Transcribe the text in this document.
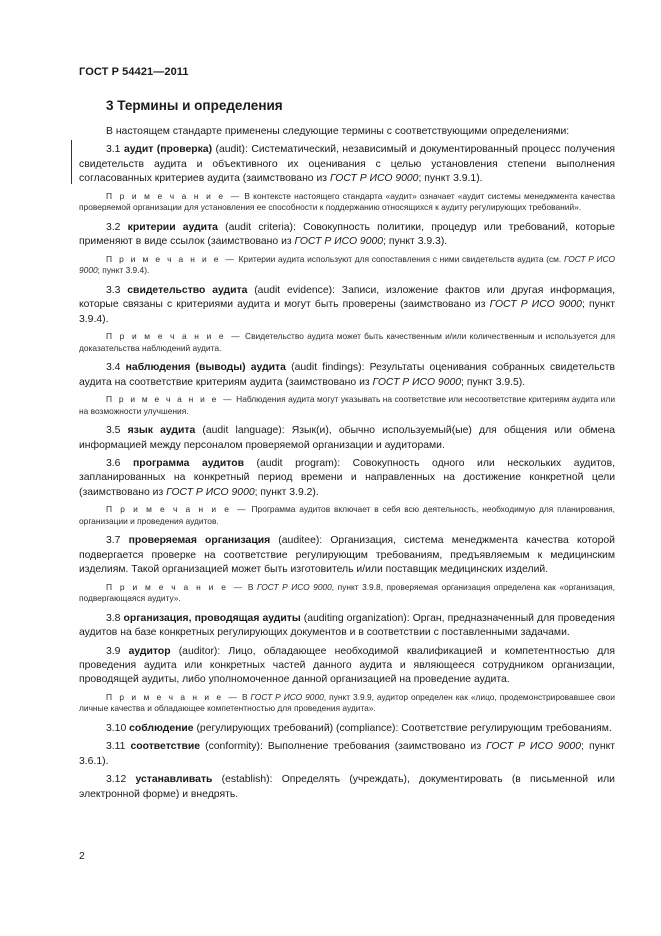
ГОСТ Р 54421—2011
3 Термины и определения

В настоящем стандарте применены следующие термины с соответствующими определениями:

3.1 аудит (проверка) (audit): Систематический, независимый и документированный процесс получения свидетельств аудита и объективного их оценивания с целью установления степени выполнения согласованных критериев аудита (заимствовано из ГОСТ Р ИСО 9000; пункт 3.9.1).

П р и м е ч а н и е — В контексте настоящего стандарта «аудит» означает «аудит системы менеджмента качества проверяемой организации для установления ее способности к поддержанию относящихся к аудиту регулирующих требований».

3.2 критерии аудита (audit criteria): Совокупность политики, процедур или требований, которые применяют в виде ссылок (заимствовано из ГОСТ Р ИСО 9000; пункт 3.9.3).

П р и м е ч а н и е — Критерии аудита используют для сопоставления с ними свидетельств аудита (см. ГОСТ Р ИСО 9000; пункт 3.9.4).

3.3 свидетельство аудита (audit evidence): Записи, изложение фактов или другая информация, которые связаны с критериями аудита и могут быть проверены (заимствовано из ГОСТ Р ИСО 9000; пункт 3.9.4).

П р и м е ч а н и е — Свидетельство аудита может быть качественным и/или количественным и используется для доказательства наблюдений аудита.

3.4 наблюдения (выводы) аудита (audit findings): Результаты оценивания собранных свидетельств аудита на соответствие критериям аудита (заимствовано из ГОСТ Р ИСО 9000; пункт 3.9.5).

П р и м е ч а н и е — Наблюдения аудита могут указывать на соответствие или несоответствие критериям аудита или на возможности улучшения.

3.5 язык аудита (audit language): Язык(и), обычно используемый(ые) для общения или обмена информацией между персоналом проверяемой организации и аудиторами.

3.6 программа аудитов (audit program): Совокупность одного или нескольких аудитов, запланированных на конкретный период времени и направленных на достижение конкретной цели (заимствовано из ГОСТ Р ИСО 9000; пункт 3.9.2).

П р и м е ч а н и е — Программа аудитов включает в себя всю деятельность, необходимую для планирования, организации и проведения аудитов.

3.7 проверяемая организация (auditee): Организация, система менеджмента качества которой подвергается проверке на соответствие регулирующим требованиям, предъявляемым к медицинским изделиям. Такой организацией может быть изготовитель и/или поставщик медицинских изделий.

П р и м е ч а н и е — В ГОСТ Р ИСО 9000, пункт 3.9.8, проверяемая организация определена как «организация, подвергающаяся аудиту».

3.8 организация, проводящая аудиты (auditing organization): Орган, предназначенный для проведения аудитов на базе конкретных регулирующих документов и в соответствии с поставленными задачами.

3.9 аудитор (auditor): Лицо, обладающее необходимой квалификацией и компетентностью для проведения аудита или конкретных частей данного аудита и являющееся сотрудником организации, проводящей аудиты, либо уполномоченное данной организацией на проведение аудита.

П р и м е ч а н и е — В ГОСТ Р ИСО 9000, пункт 3.9.9, аудитор определен как «лицо, продемонстрировавшее свои личные качества и обладающее компетентностью для проведения аудита».

3.10 соблюдение (регулирующих требований) (compliance): Соответствие регулирующим требованиям.

3.11 соответствие (conformity): Выполнение требования (заимствовано из ГОСТ Р ИСО 9000; пункт 3.6.1).

3.12 устанавливать (establish): Определять (учреждать), документировать (в письменной или электронной форме) и внедрять.

2
